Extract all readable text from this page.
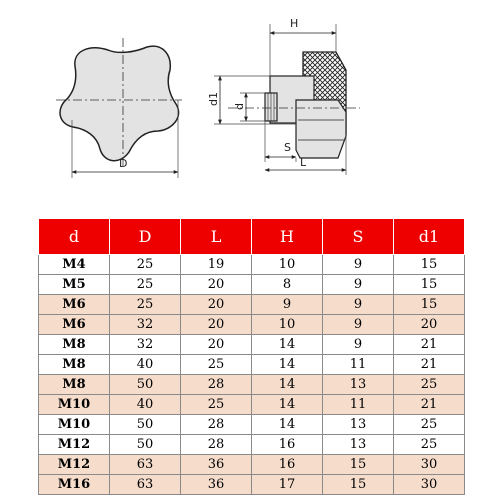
D
H
d1
d
S
L
d	D	L	H	S	d1
M4	25	19	10	9	15
M5	25	20	8	9	15
M6	25	20	9	9	15
M6	32	20	10	9	20
M8	32	20	14	9	21
M8	40	25	14	11	21
M8	50	28	14	13	25
M10	40	25	14	11	21
M10	50	28	14	13	25
M12	50	28	16	13	25
M12	63	36	16	15	30
M16	63	36	17	15	30
